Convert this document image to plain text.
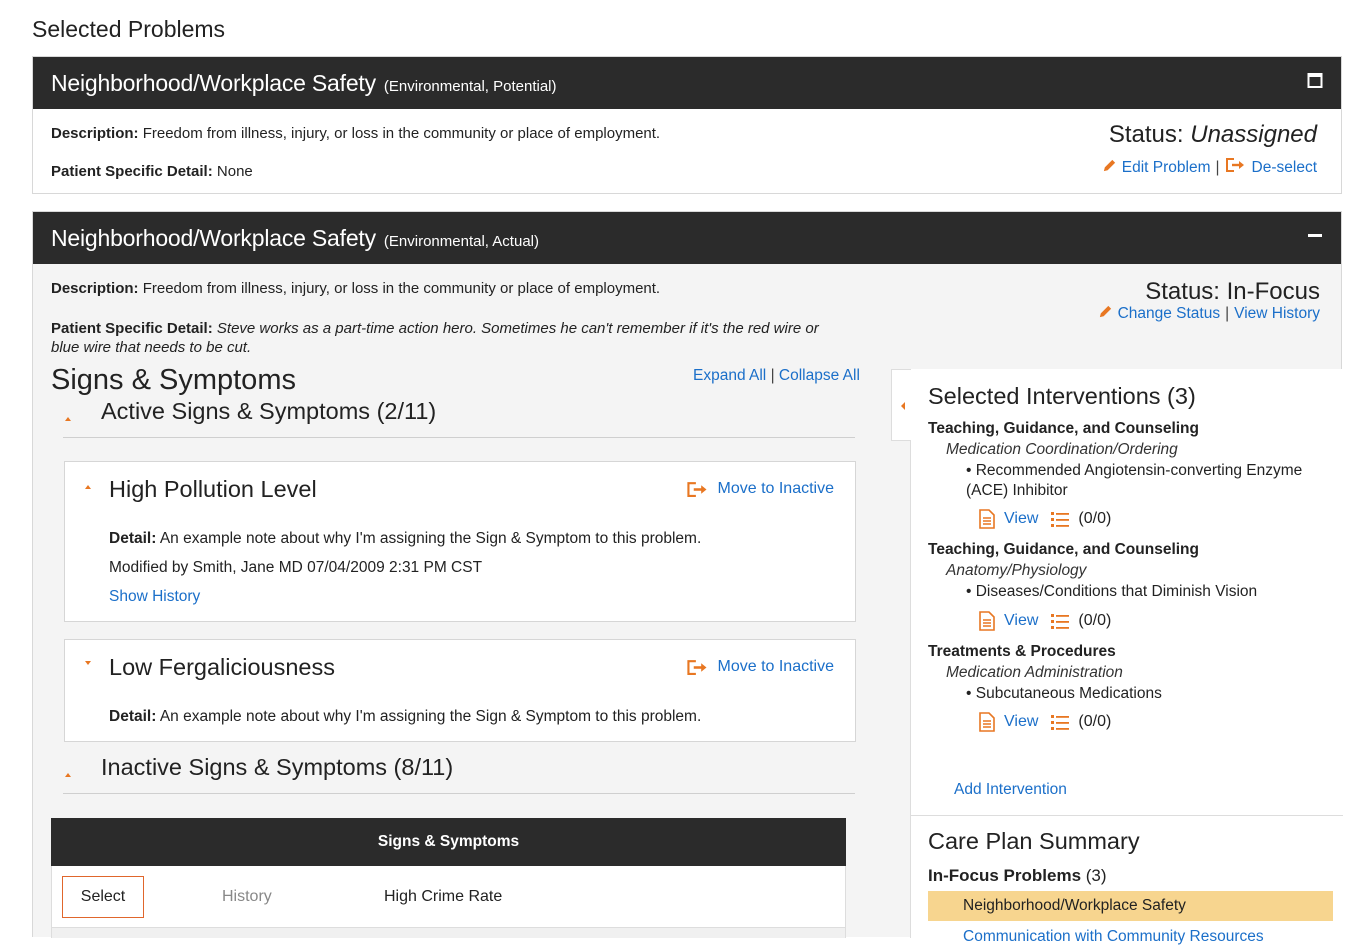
Selected Problems
Neighborhood/Workplace Safety (Environmental, Potential)
Description: Freedom from illness, injury, or loss in the community or place of employment.
Patient Specific Detail: None
Status: Unassigned
Edit Problem | De-select
Neighborhood/Workplace Safety (Environmental, Actual)
Description: Freedom from illness, injury, or loss in the community or place of employment.
Patient Specific Detail: Steve works as a part-time action hero. Sometimes he can't remember if it's the red wire or
blue wire that needs to be cut.
Status: In-Focus
Change Status | View History
Signs & Symptoms	Expand All | Collapse All
Active Signs & Symptoms (2/11)
High Pollution Level	Move to Inactive
Detail: An example note about why I'm assigning the Sign & Symptom to this problem.
Modified by Smith, Jane MD 07/04/2009 2:31 PM CST
Show History
Low Fergaliciousness	Move to Inactive
Detail: An example note about why I'm assigning the Sign & Symptom to this problem.
Inactive Signs & Symptoms (8/11)
Signs & Symptoms
Select	History	High Crime Rate
Selected Interventions (3)
Teaching, Guidance, and Counseling
Medication Coordination/Ordering
• Recommended Angiotensin-converting Enzyme (ACE) Inhibitor
View	(0/0)
Teaching, Guidance, and Counseling
Anatomy/Physiology
• Diseases/Conditions that Diminish Vision
View	(0/0)
Treatments & Procedures
Medication Administration
• Subcutaneous Medications
View	(0/0)
Add Intervention
Care Plan Summary
In-Focus Problems (3)
Neighborhood/Workplace Safety
Communication with Community Resources
